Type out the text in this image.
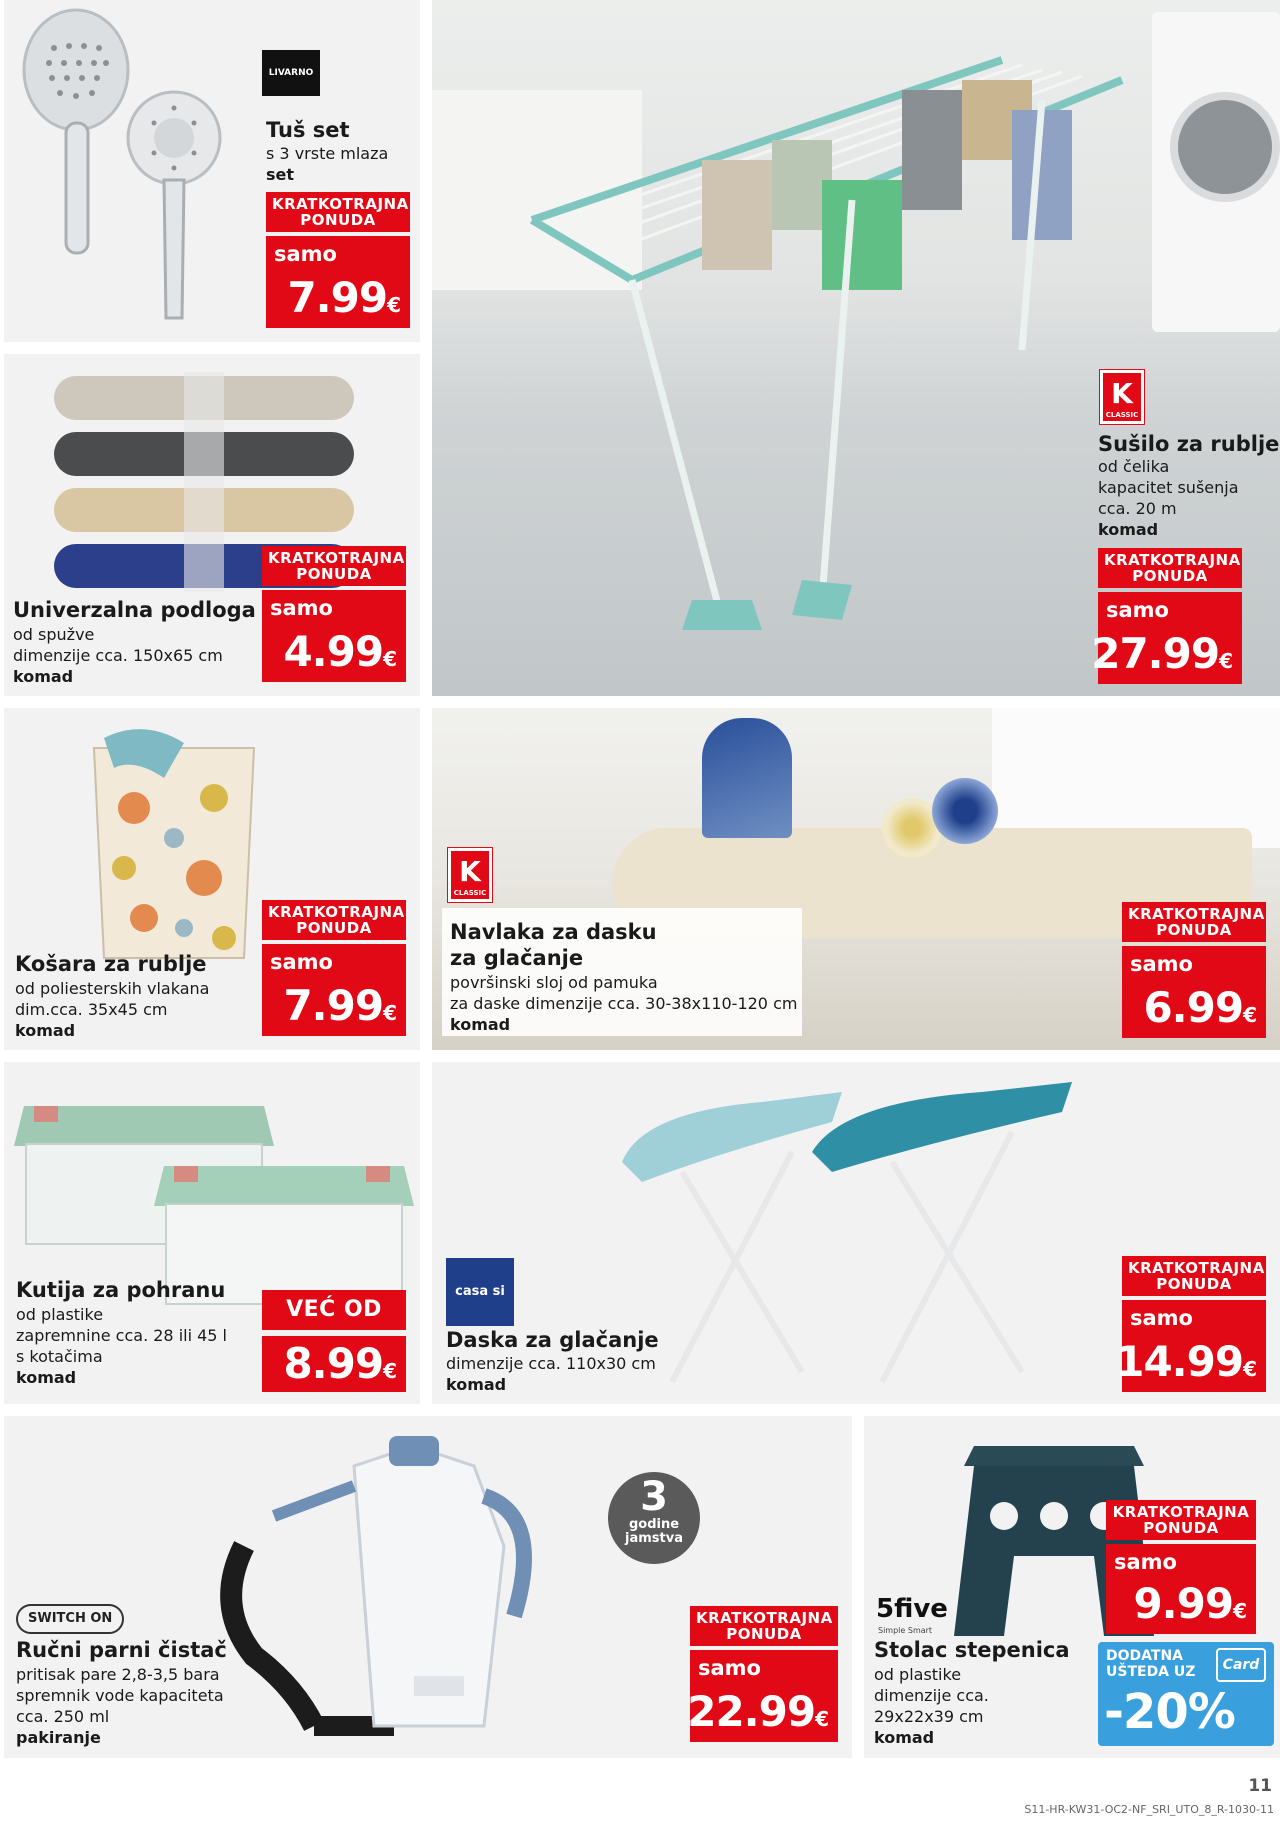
LIVARNO
Tuš set
s 3 vrste mlaza
set
KRATKOTRAJNA
PONUDA
samo
7.99€
K
CLASSIC
Sušilo za rublje
od čelika
kapacitet sušenja
cca. 20 m
komad
KRATKOTRAJNA
PONUDA
samo
27.99€
Univerzalna podloga
od spužve
dimenzije cca. 150x65 cm
komad
KRATKOTRAJNA
PONUDA
samo
4.99€
Košara za rublje
od poliesterskih vlakana
dim.cca. 35x45 cm
komad
KRATKOTRAJNA
PONUDA
samo
7.99€
K
CLASSIC
Navlaka za dasku
za glačanje
površinski sloj od pamuka
za daske dimenzije cca. 30-38x110-120 cm
komad
KRATKOTRAJNA
PONUDA
samo
6.99€
Kutija za pohranu
od plastike
zapremnine cca. 28 ili 45 l
s kotačima
komad
VEĆ OD
8.99€
casa si
Daska za glačanje
dimenzije cca. 110x30 cm
komad
KRATKOTRAJNA
PONUDA
samo
14.99€
3
godine
jamstva
SWITCH ON
Ručni parni čistač
pritisak pare 2,8-3,5 bara
spremnik vode kapaciteta
cca. 250 ml
pakiranje
KRATKOTRAJNA
PONUDA
samo
22.99€
5five
Simple Smart
Stolac stepenica
od plastike
dimenzije cca.
29x22x39 cm
komad
KRATKOTRAJNA
PONUDA
samo
9.99€
DODATNA
UŠTEDA UZ	Card
-20%
11
S11-HR-KW31-OC2-NF_SRI_UTO_8_R-1030-11
